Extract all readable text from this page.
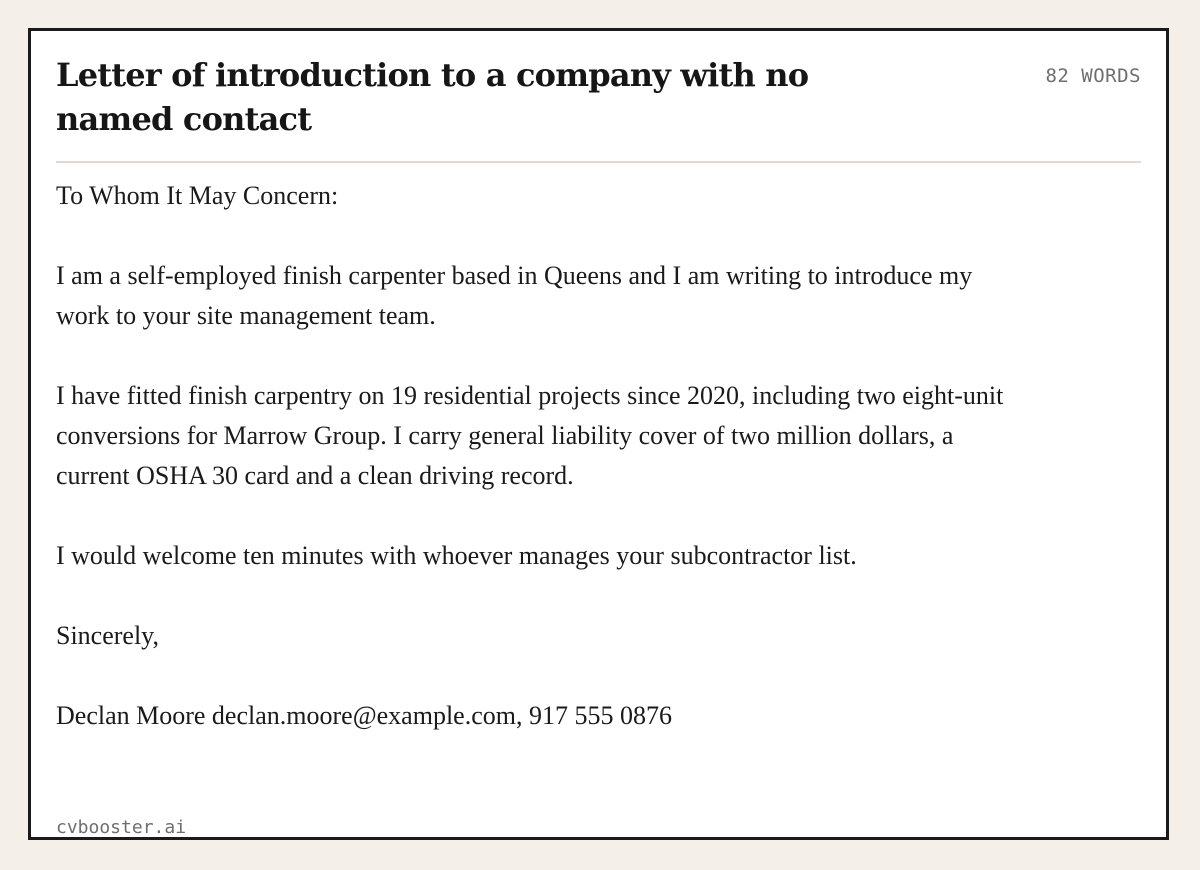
Letter of introduction to a company with no named contact
82 WORDS

To Whom It May Concern:

I am a self-employed finish carpenter based in Queens and I am writing to introduce my work to your site management team.

I have fitted finish carpentry on 19 residential projects since 2020, including two eight-unit conversions for Marrow Group. I carry general liability cover of two million dollars, a current OSHA 30 card and a clean driving record.

I would welcome ten minutes with whoever manages your subcontractor list.

Sincerely,

Declan Moore declan.moore@example.com, 917 555 0876

cvbooster.ai
